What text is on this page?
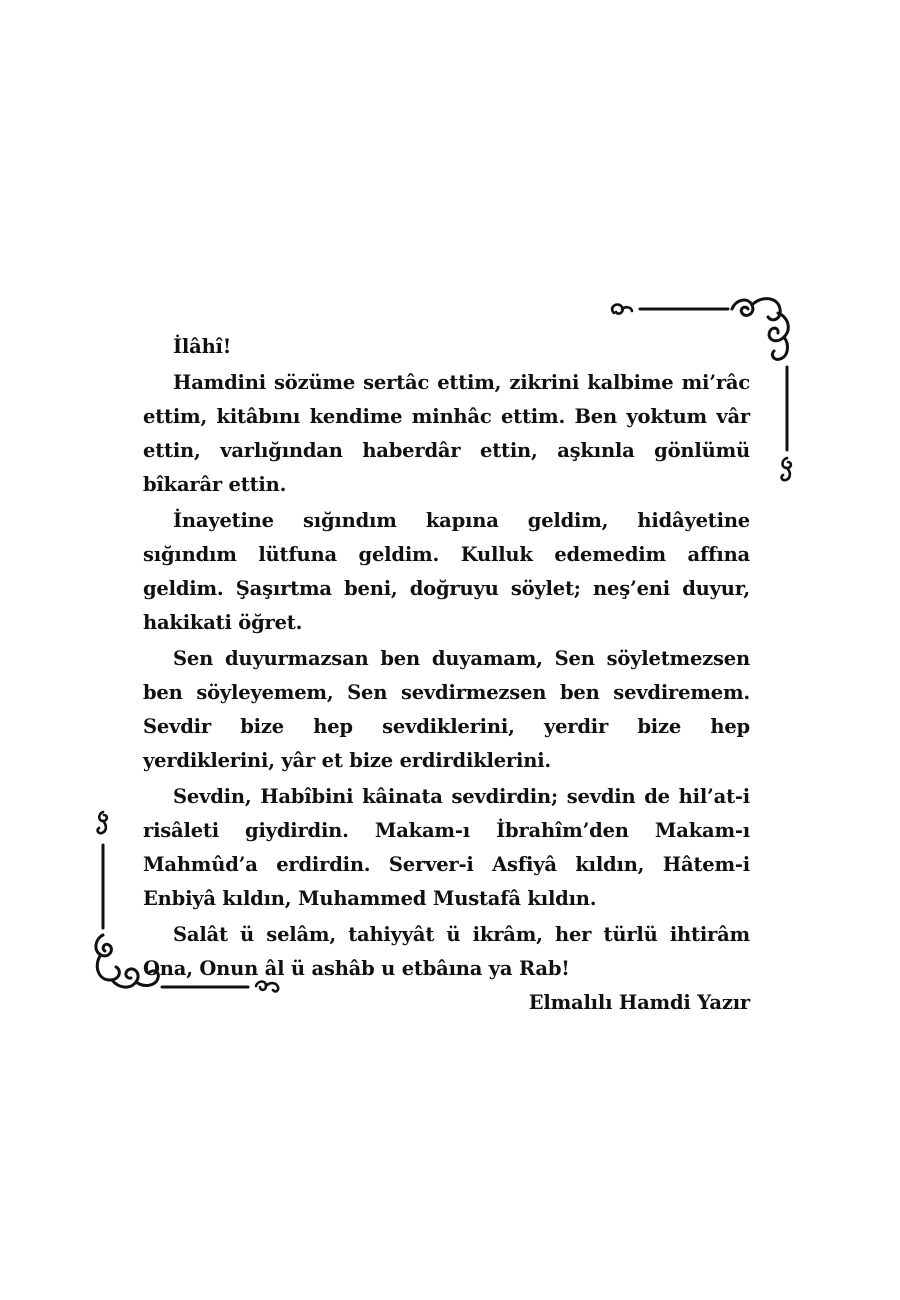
İlâhî!

Hamdini sözüme sertâc ettim, zikrini kalbime mi’râc ettim, kitâbını kendime minhâc ettim. Ben yoktum vâr ettin, varlığından haberdâr ettin, aşkınla gönlümü bîkarâr ettin.

İnayetine sığındım kapına geldim, hidâyetine sığındım lütfuna geldim. Kulluk edemedim affına geldim. Şaşırtma beni, doğruyu söylet; neş’eni duyur, hakikati öğret.

Sen duyurmazsan ben duyamam, Sen söyletmezsen ben söyleyemem, Sen sevdirmezsen ben sevdiremem. Sevdir bize hep sevdiklerini, yerdir bize hep yerdiklerini, yâr et bize erdirdiklerini.

Sevdin, Habîbini kâinata sevdirdin; sevdin de hil’at-i risâleti giydirdin. Makam-ı İbrahîm’den Makam-ı Mahmûd’a erdirdin. Server-i Asfiyâ kıldın, Hâtem-i Enbiyâ kıldın, Muhammed Mustafâ kıldın.

Salât ü selâm, tahiyyât ü ikrâm, her türlü ihtirâm Ona, Onun âl ü ashâb u etbâına ya Rab!

Elmalılı Hamdi Yazır
